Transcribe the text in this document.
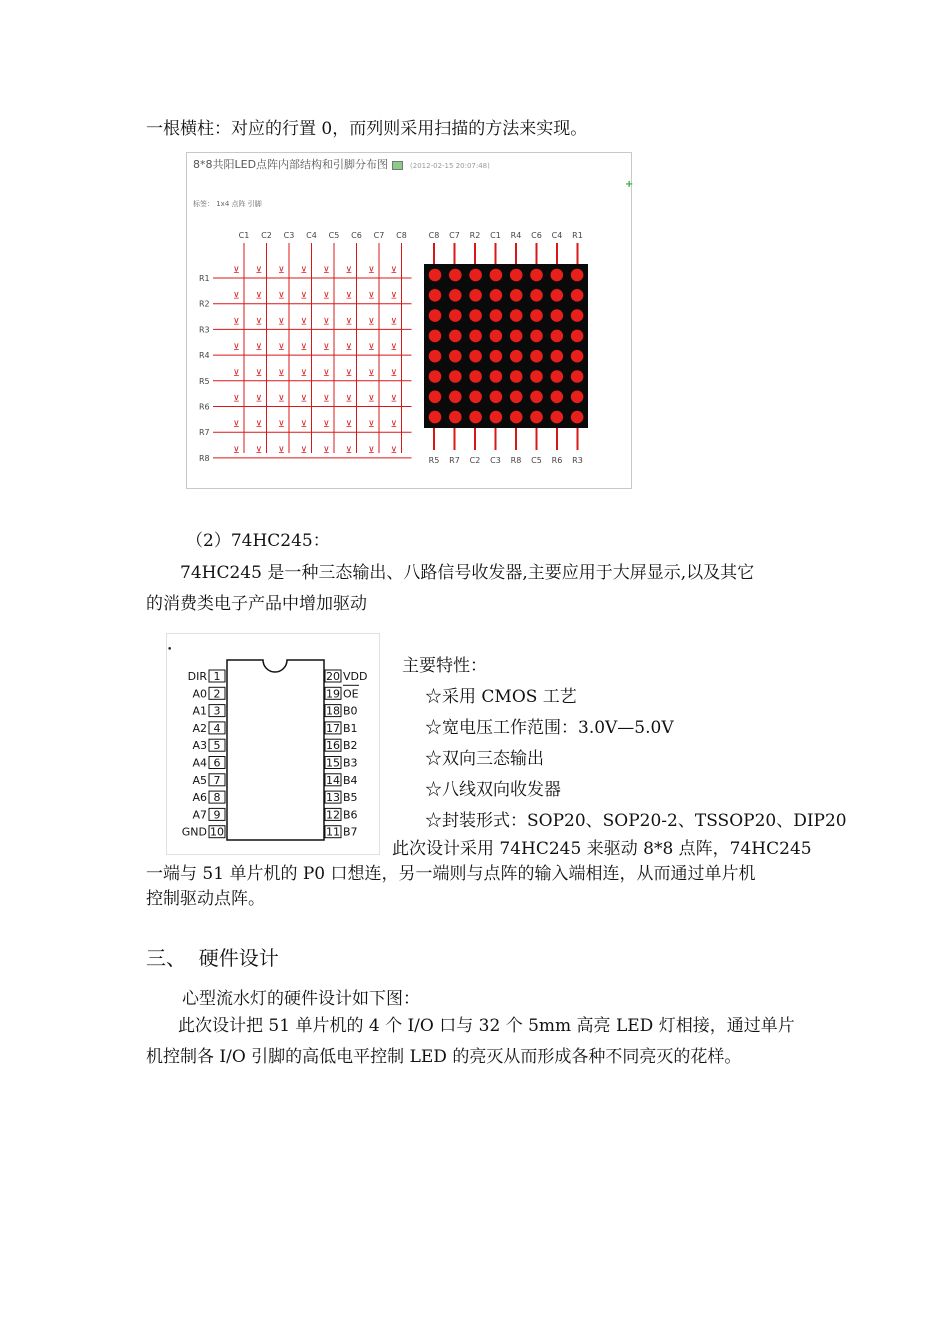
一根横柱：对应的行置 0，而列则采用扫描的方法来实现。
8*8共阳LED点阵内部结构和引脚分布图	(2012-02-15 20:07:48)
标签： 1x4 点阵 引脚
+
C1 C2 C3 C4 C5 C6 C7 C8
R1
⊻ ⊻ ⊻ ⊻ ⊻ ⊻ ⊻ ⊻
R2
⊻ ⊻ ⊻ ⊻ ⊻ ⊻ ⊻ ⊻
R3
⊻ ⊻ ⊻ ⊻ ⊻ ⊻ ⊻ ⊻
R4
⊻ ⊻ ⊻ ⊻ ⊻ ⊻ ⊻ ⊻
R5
⊻ ⊻ ⊻ ⊻ ⊻ ⊻ ⊻ ⊻
R6
⊻ ⊻ ⊻ ⊻ ⊻ ⊻ ⊻ ⊻
R7
⊻ ⊻ ⊻ ⊻ ⊻ ⊻ ⊻ ⊻
R8
⊻ ⊻ ⊻ ⊻ ⊻ ⊻ ⊻ ⊻
C8 C7 R2 C1 R4 C6 C4 R1
R5 R7 C2 C3 R8 C5 R6 R3
（2）74HC245：
74HC245 是一种三态输出、八路信号收发器,主要应用于大屏显示,以及其它
的消费类电子产品中增加驱动
•
DIR 1
A0 2
A1 3
A2 4
A3 5
A4 6
A5 7
A6 8
A7 9
GND 10
20 VDD
19 OE
18 B0
17 B1
16 B2
15 B3
14 B4
13 B5
12 B6
11 B7
主要特性：
☆采用 CMOS 工艺
☆宽电压工作范围：3.0V—5.0V
☆双向三态输出
☆八线双向收发器
☆封装形式：SOP20、SOP20-2、TSSOP20、DIP20
此次设计采用 74HC245 来驱动 8*8 点阵，74HC245
一端与 51 单片机的 P0 口想连，另一端则与点阵的输入端相连，从而通过单片机
控制驱动点阵。
三、  硬件设计
心型流水灯的硬件设计如下图：
此次设计把 51 单片机的 4 个 I/O 口与 32 个 5mm 高亮 LED 灯相接，通过单片
机控制各 I/O 引脚的高低电平控制 LED 的亮灭从而形成各种不同亮灭的花样。
